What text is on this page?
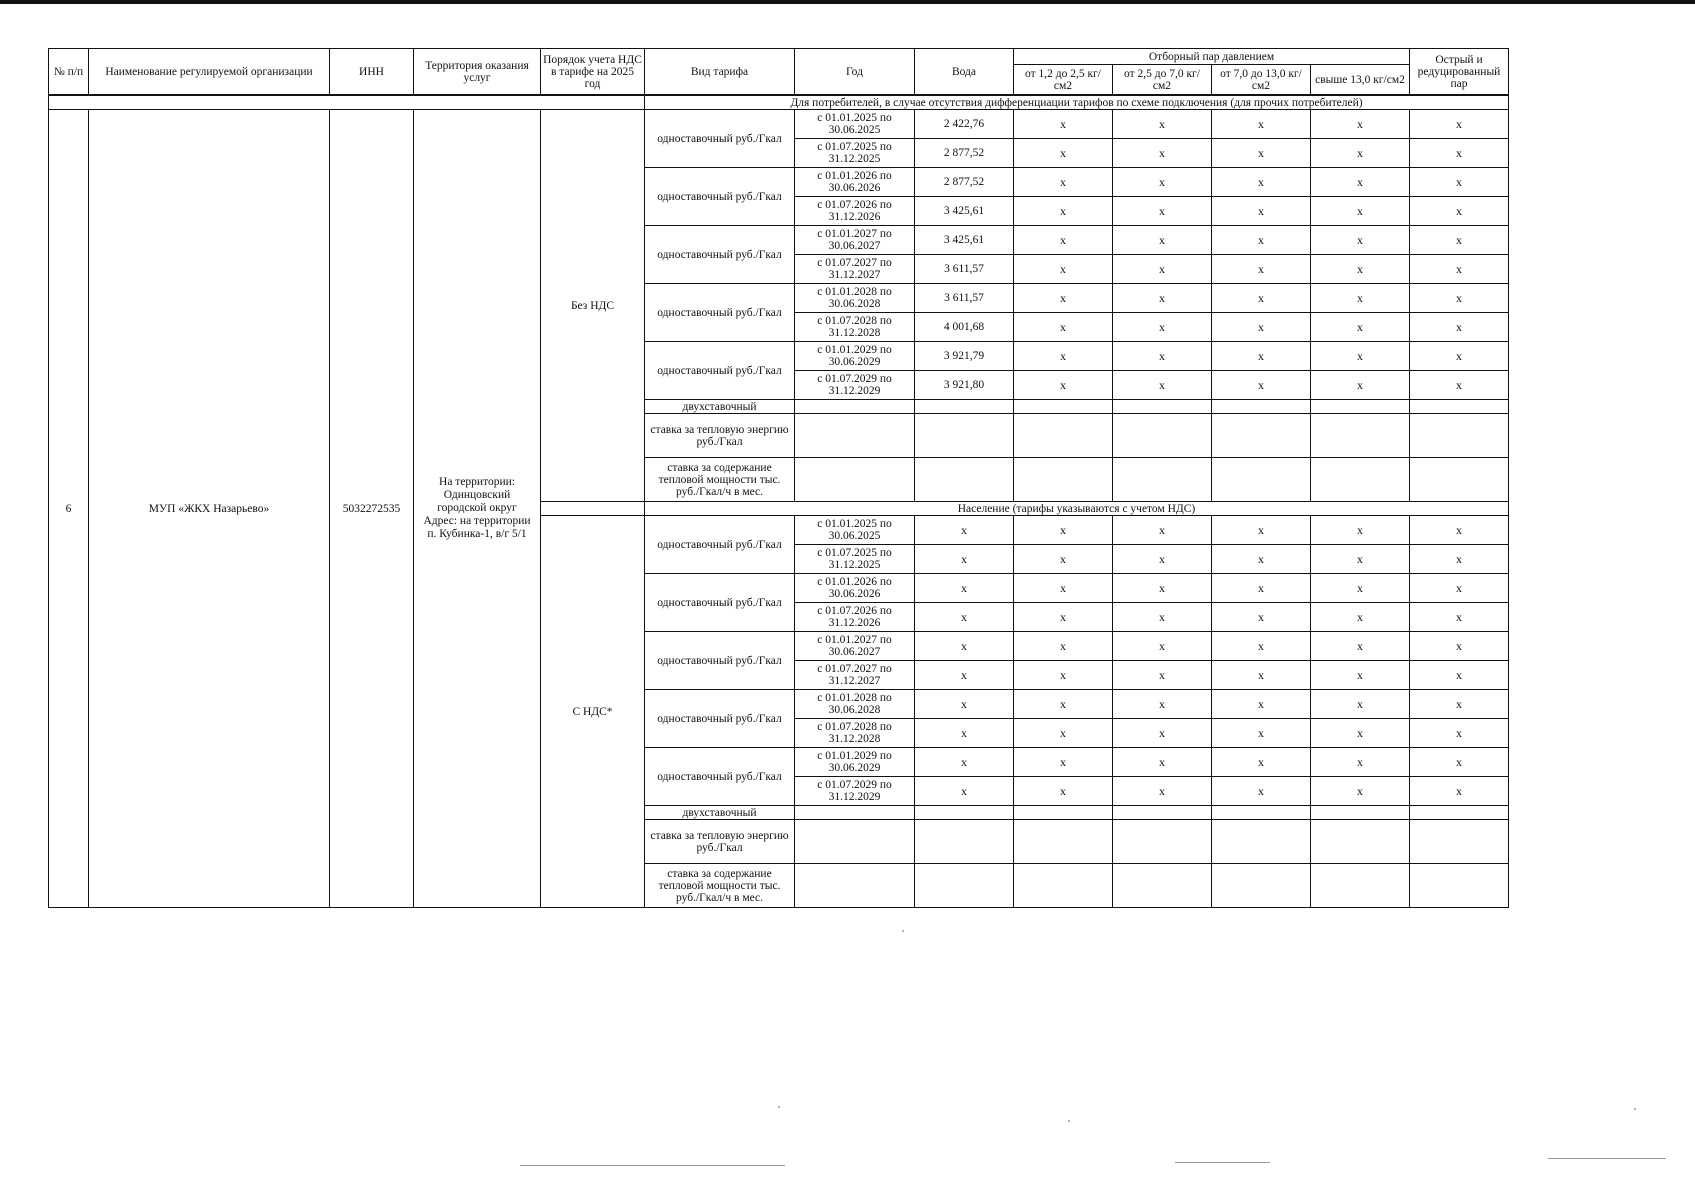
№ п/п	Наименование регулируемой организации	ИНН	Территория оказания услуг	Порядок учета НДС в тарифе на 2025 год	Вид тарифа	Год	Вода	Отборный пар давлением				Острый и редуцированный пар
								от 1,2 до 2,5 кг/см2	от 2,5 до 7,0 кг/см2	от 7,0 до 13,0 кг/см2	свыше 13,0 кг/см2	
					Для потребителей, в случае отсутствия дифференциации тарифов по схеме подключения (для прочих потребителей)							
6	МУП «ЖКХ Назарьево»	5032272535	На территории: Одинцовский городской округ Адрес: на территории п. Кубинка-1, в/г 5/1	Без НДС	одноставочный руб./Гкал	с 01.01.2025 по 30.06.2025	2 422,76	x	x	x	x	x
						с 01.07.2025 по 31.12.2025	2 877,52	x	x	x	x	x
					одноставочный руб./Гкал	с 01.01.2026 по 30.06.2026	2 877,52	x	x	x	x	x
						с 01.07.2026 по 31.12.2026	3 425,61	x	x	x	x	x
					одноставочный руб./Гкал	с 01.01.2027 по 30.06.2027	3 425,61	x	x	x	x	x
						с 01.07.2027 по 31.12.2027	3 611,57	x	x	x	x	x
					одноставочный руб./Гкал	с 01.01.2028 по 30.06.2028	3 611,57	x	x	x	x	x
						с 01.07.2028 по 31.12.2028	4 001,68	x	x	x	x	x
					одноставочный руб./Гкал	с 01.01.2029 по 30.06.2029	3 921,79	x	x	x	x	x
						с 01.07.2029 по 31.12.2029	3 921,80	x	x	x	x	x
					двухставочный							
					ставка за тепловую энергию руб./Гкал							
					ставка за содержание тепловой мощности тыс. руб./Гкал/ч в мес.							
					Население (тарифы указываются с учетом НДС)							
				С НДС*	одноставочный руб./Гкал	с 01.01.2025 по 30.06.2025	x	x	x	x	x	x
						с 01.07.2025 по 31.12.2025	x	x	x	x	x	x
					одноставочный руб./Гкал	с 01.01.2026 по 30.06.2026	x	x	x	x	x	x
						с 01.07.2026 по 31.12.2026	x	x	x	x	x	x
					одноставочный руб./Гкал	с 01.01.2027 по 30.06.2027	x	x	x	x	x	x
						с 01.07.2027 по 31.12.2027	x	x	x	x	x	x
					одноставочный руб./Гкал	с 01.01.2028 по 30.06.2028	x	x	x	x	x	x
						с 01.07.2028 по 31.12.2028	x	x	x	x	x	x
					одноставочный руб./Гкал	с 01.01.2029 по 30.06.2029	x	x	x	x	x	x
						с 01.07.2029 по 31.12.2029	x	x	x	x	x	x
					двухставочный							
					ставка за тепловую энергию руб./Гкал							
					ставка за содержание тепловой мощности тыс. руб./Гкал/ч в мес.							
